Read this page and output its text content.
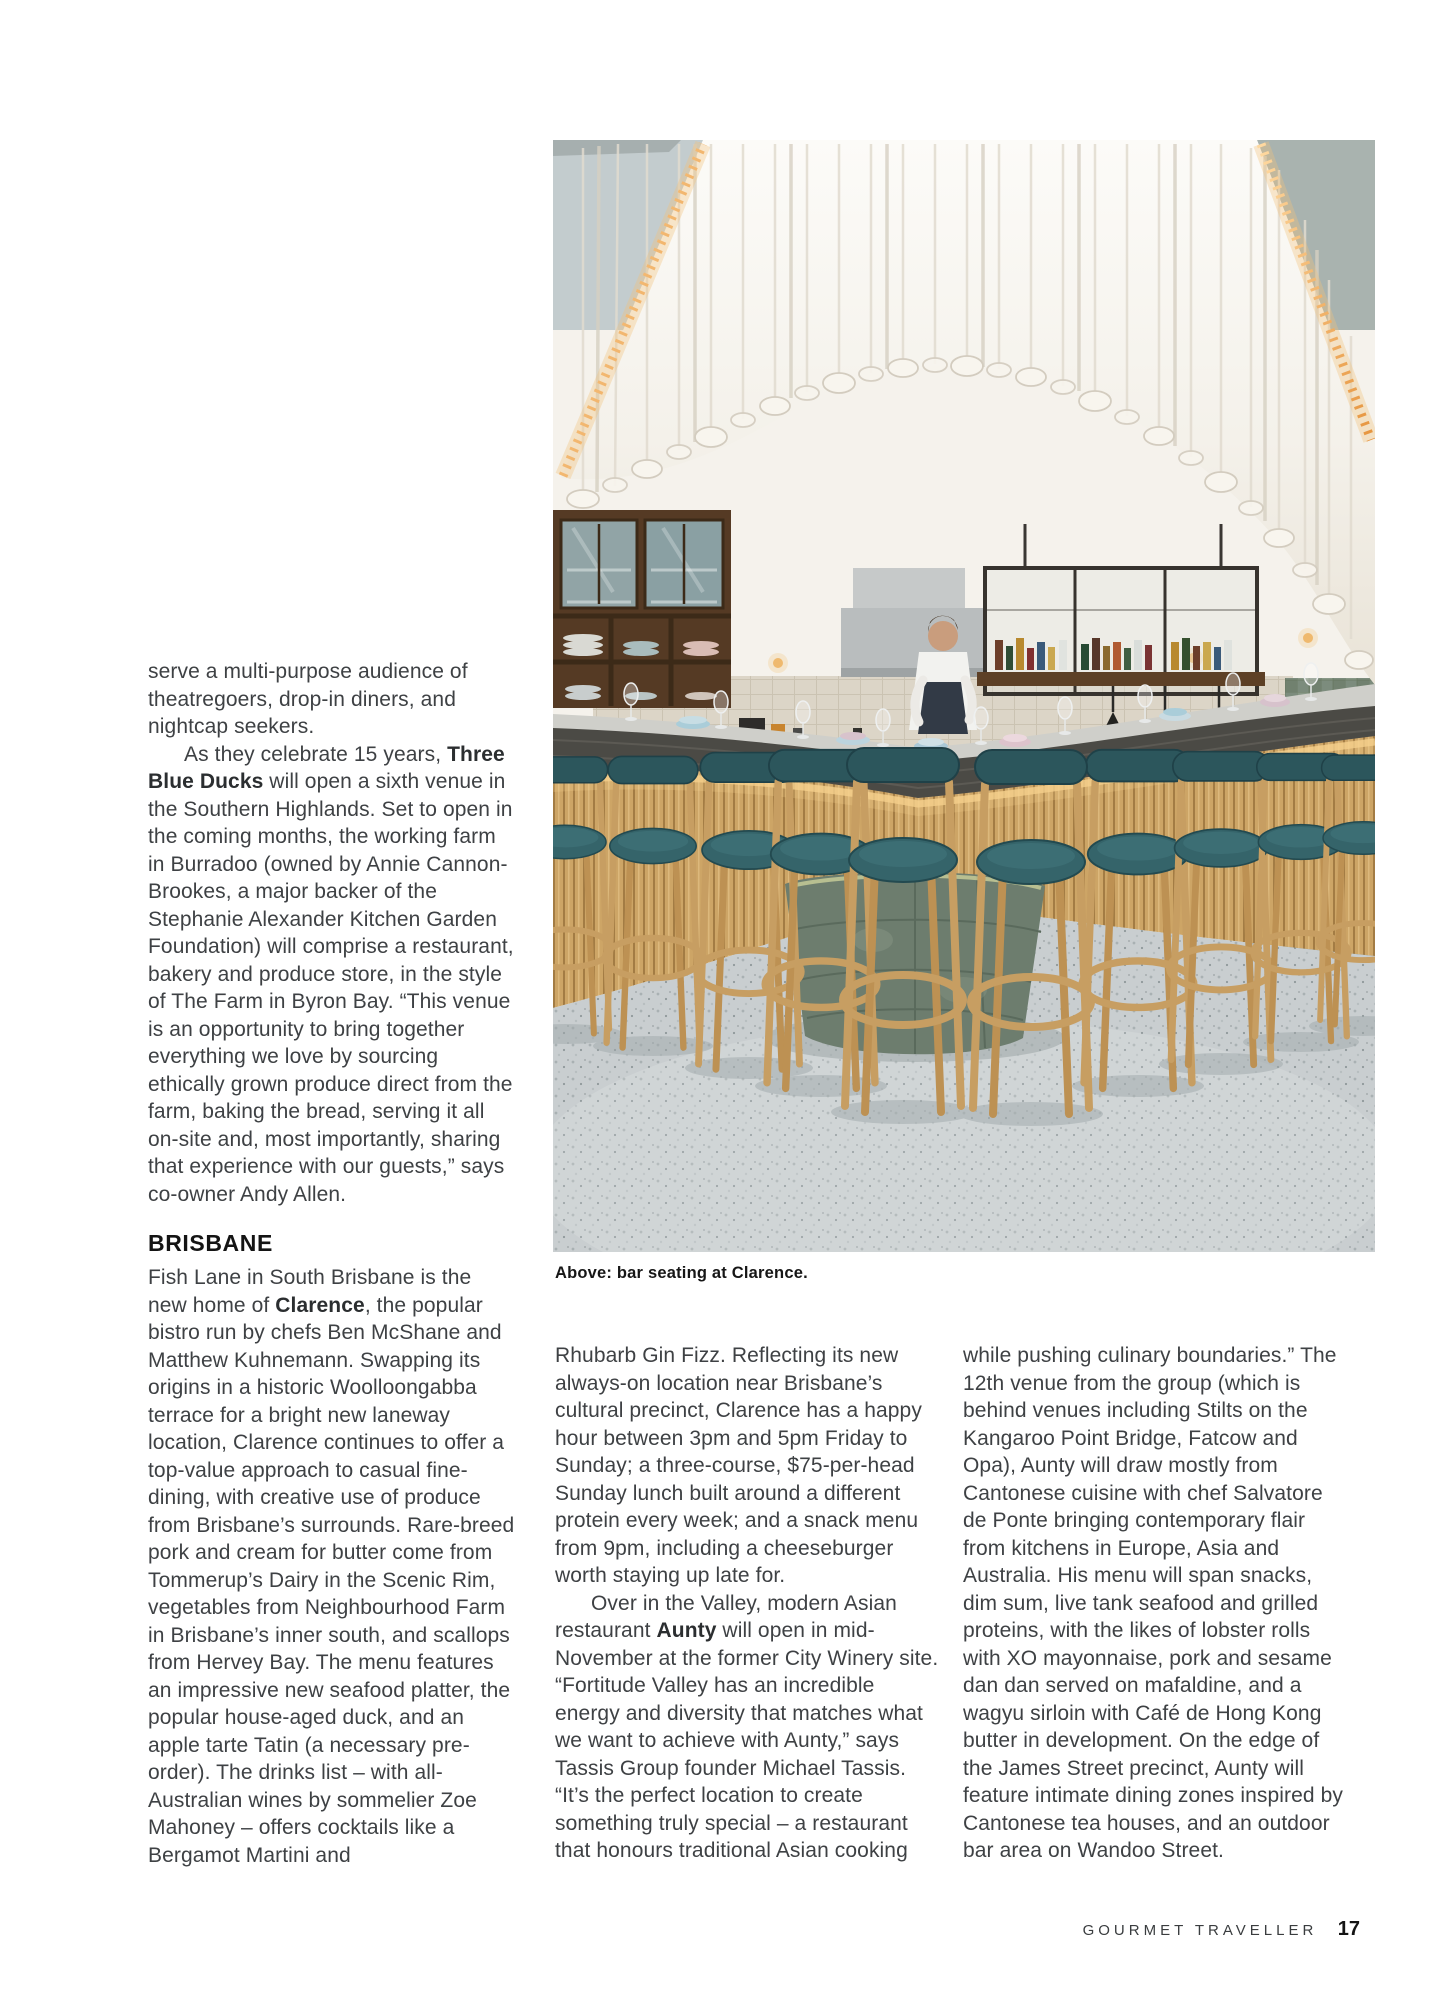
Above: bar seating at Clarence.

serve a multi-purpose audience of theatregoers, drop-in diners, and nightcap seekers.

As they celebrate 15 years, Three Blue Ducks will open a sixth venue in the Southern Highlands. Set to open in the coming months, the working farm in Burradoo (owned by Annie Cannon-Brookes, a major backer of the Stephanie Alexander Kitchen Garden Foundation) will comprise a restaurant, bakery and produce store, in the style of The Farm in Byron Bay. “This venue is an opportunity to bring together everything we love by sourcing ethically grown produce direct from the farm, baking the bread, serving it all on-site and, most importantly, sharing that experience with our guests,” says co-owner Andy Allen.

BRISBANE

Fish Lane in South Brisbane is the new home of Clarence, the popular bistro run by chefs Ben McShane and Matthew Kuhnemann. Swapping its origins in a historic Woolloongabba terrace for a bright new laneway location, Clarence continues to offer a top-value approach to casual fine-dining, with creative use of produce from Brisbane’s surrounds. Rare-breed pork and cream for butter come from Tommerup’s Dairy in the Scenic Rim, vegetables from Neighbourhood Farm in Brisbane’s inner south, and scallops from Hervey Bay. The menu features an impressive new seafood platter, the popular house-aged duck, and an apple tarte Tatin (a necessary pre-order). The drinks list – with all-Australian wines by sommelier Zoe Mahoney – offers cocktails like a Bergamot Martini and

Rhubarb Gin Fizz. Reflecting its new always-on location near Brisbane’s cultural precinct, Clarence has a happy hour between 3pm and 5pm Friday to Sunday; a three-course, $75-per-head Sunday lunch built around a different protein every week; and a snack menu from 9pm, including a cheeseburger worth staying up late for.

Over in the Valley, modern Asian restaurant Aunty will open in mid-November at the former City Winery site. “Fortitude Valley has an incredible energy and diversity that matches what we want to achieve with Aunty,” says Tassis Group founder Michael Tassis. “It’s the perfect location to create something truly special – a restaurant that honours traditional Asian cooking

while pushing culinary boundaries.” The 12th venue from the group (which is behind venues including Stilts on the Kangaroo Point Bridge, Fatcow and Opa), Aunty will draw mostly from Cantonese cuisine with chef Salvatore de Ponte bringing contemporary flair from kitchens in Europe, Asia and Australia. His menu will span snacks, dim sum, live tank seafood and grilled proteins, with the likes of lobster rolls with XO mayonnaise, pork and sesame dan dan served on mafaldine, and a wagyu sirloin with Café de Hong Kong butter in development. On the edge of the James Street precinct, Aunty will feature intimate dining zones inspired by Cantonese tea houses, and an outdoor bar area on Wandoo Street.

GOURMET TRAVELLER 17
